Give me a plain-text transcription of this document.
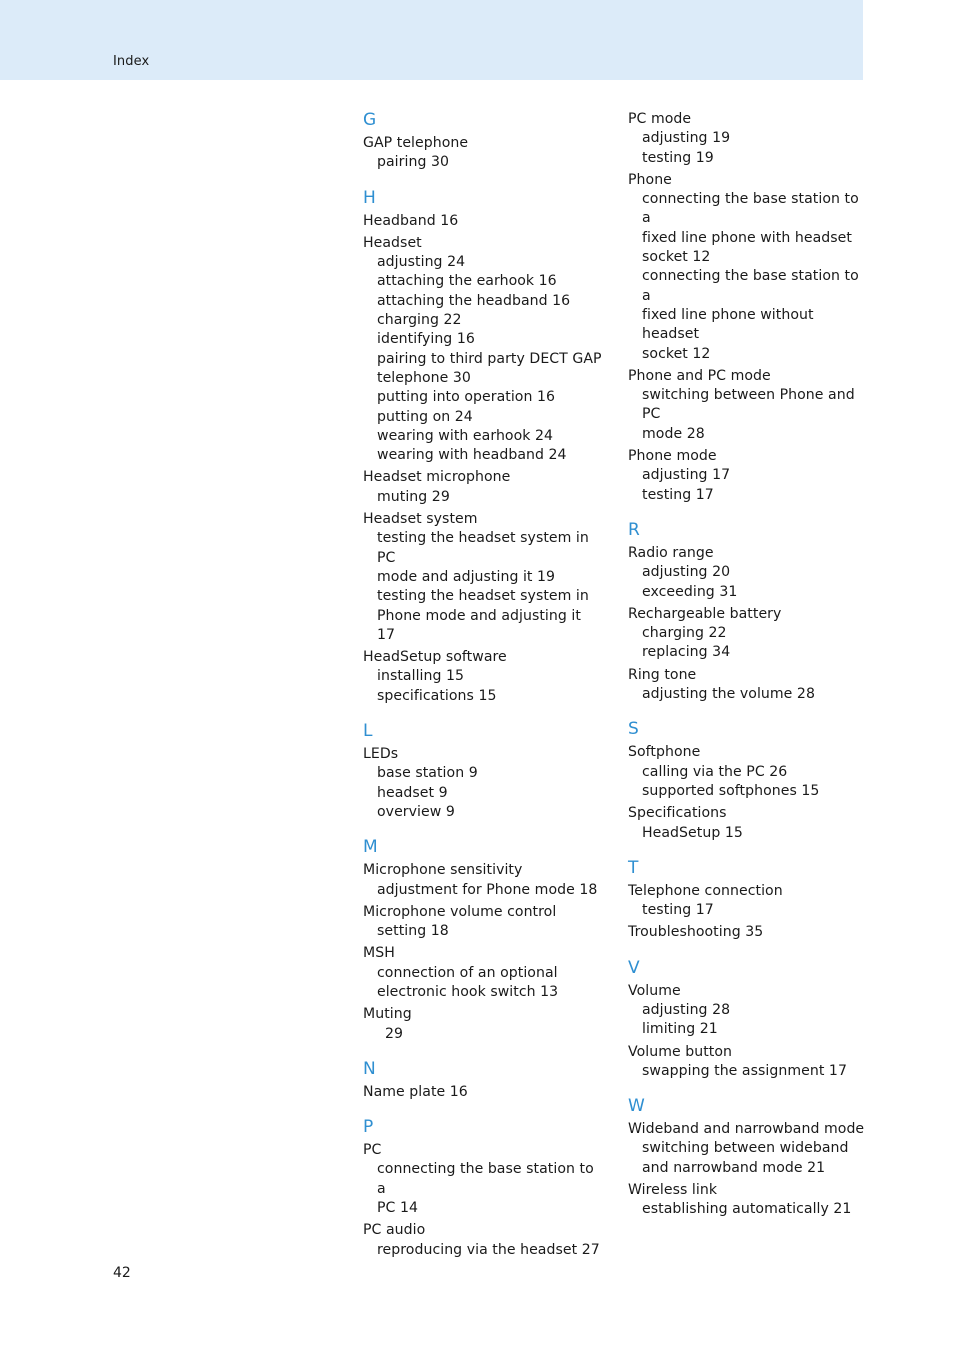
Index
G
GAP telephone
pairing 30
H
Headband 16
Headset
adjusting 24
attaching the earhook 16
attaching the headband 16
charging 22
identifying 16
pairing to third party DECT GAP
telephone 30
putting into operation 16
putting on 24
wearing with earhook 24
wearing with headband 24
Headset microphone
muting 29
Headset system
testing the headset system in PC
mode and adjusting it 19
testing the headset system in
Phone mode and adjusting it 17
HeadSetup software
installing 15
specifications 15
L
LEDs
base station 9
headset 9
overview 9
M
Microphone sensitivity
adjustment for Phone mode 18
Microphone volume control
setting 18
MSH
connection of an optional
electronic hook switch 13
Muting
29
N
Name plate 16
P
PC
connecting the base station to a
PC 14
PC audio
reproducing via the headset 27
PC mode
adjusting 19
testing 19
Phone
connecting the base station to a
fixed line phone with headset
socket 12
connecting the base station to a
fixed line phone without headset
socket 12
Phone and PC mode
switching between Phone and PC
mode 28
Phone mode
adjusting 17
testing 17
R
Radio range
adjusting 20
exceeding 31
Rechargeable battery
charging 22
replacing 34
Ring tone
adjusting the volume 28
S
Softphone
calling via the PC 26
supported softphones 15
Specifications
HeadSetup 15
T
Telephone connection
testing 17
Troubleshooting 35
V
Volume
adjusting 28
limiting 21
Volume button
swapping the assignment 17
W
Wideband and narrowband mode
switching between wideband
and narrowband mode 21
Wireless link
establishing automatically 21
42
